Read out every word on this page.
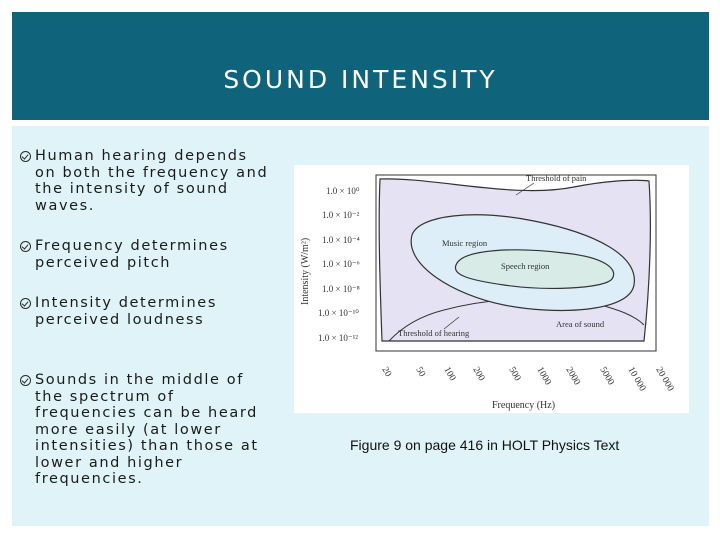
SOUND INTENSITY
Human hearing depends on both the frequency and the intensity of sound waves.
Frequency determines perceived pitch
Intensity determines perceived loudness
Sounds in the middle of the spectrum of frequencies can be heard more easily (at lower intensities) than those at lower and higher frequencies.
Threshold of pain
Music region
Speech region
Threshold of hearing
Area of sound
1.0 × 10⁰
1.0 × 10⁻²
1.0 × 10⁻⁴
1.0 × 10⁻⁶
1.0 × 10⁻⁸
1.0 × 10⁻¹⁰
1.0 × 10⁻¹²
Intensity (W/m²)
20 50 100 200 500 1000 2000 5000 10 000 20 000
Frequency (Hz)
Figure 9 on page 416 in HOLT Physics Text
